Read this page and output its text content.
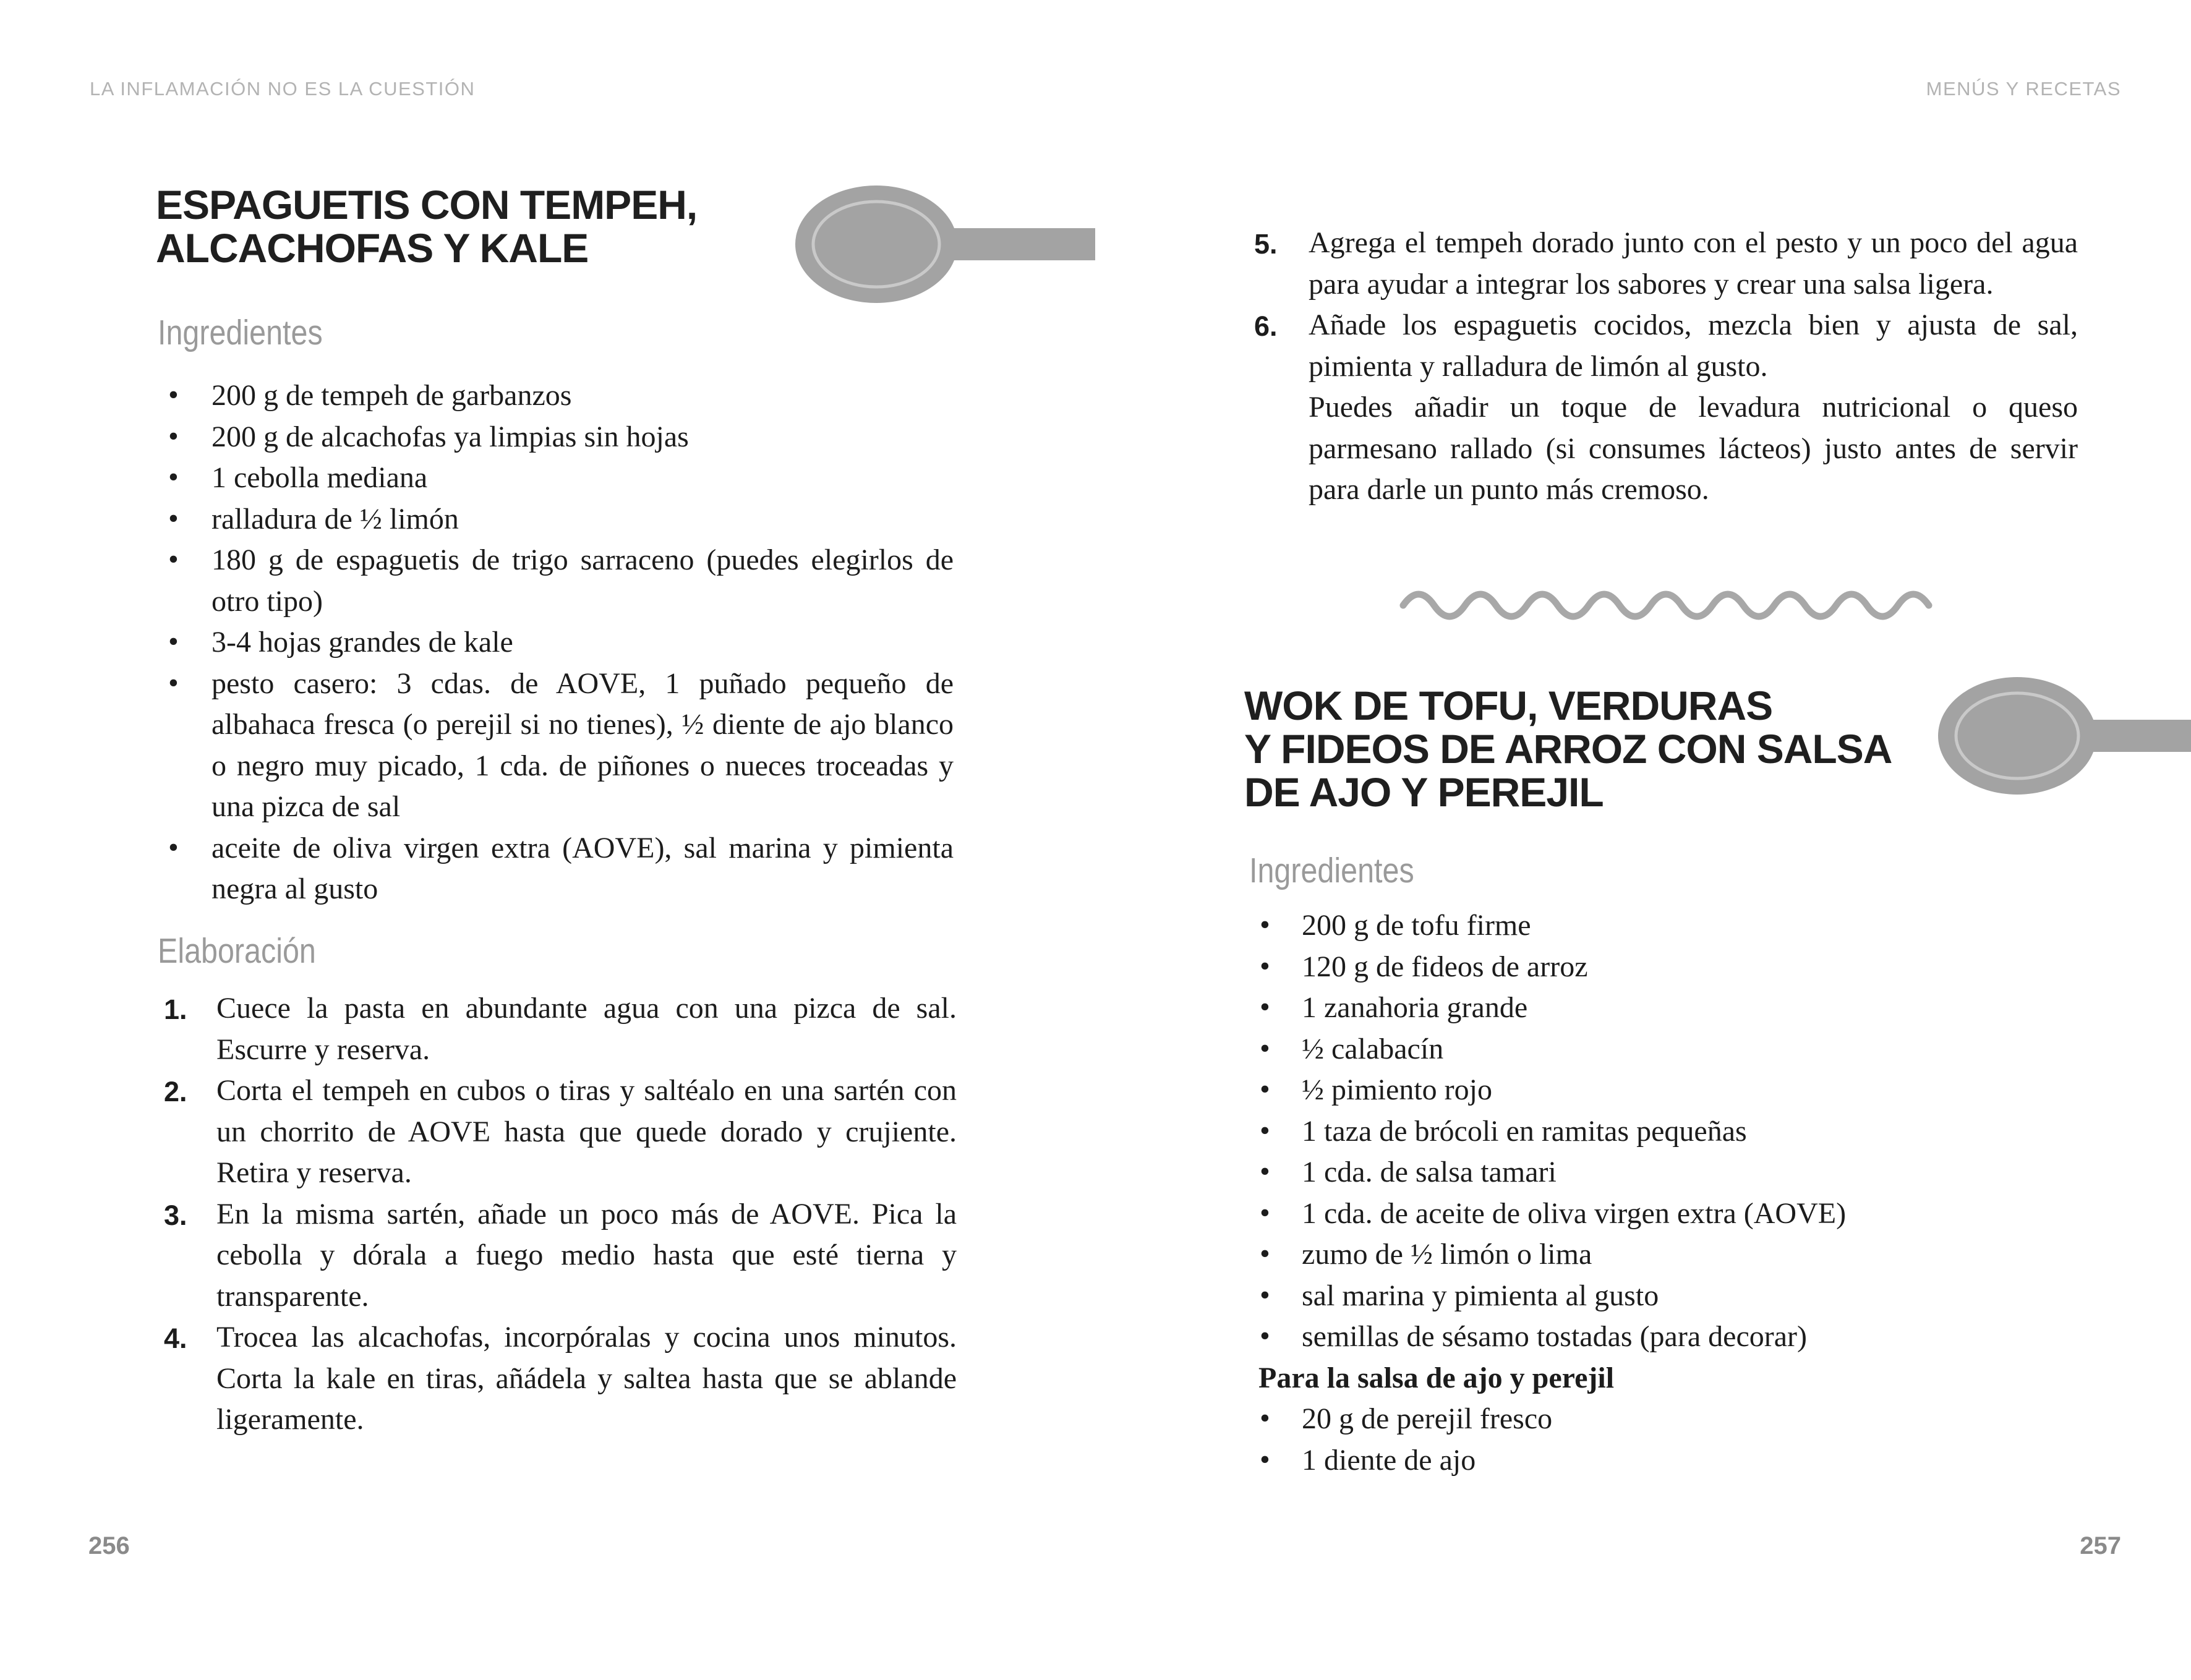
LA INFLAMACIÓN NO ES LA CUESTIÓN
ESPAGUETIS CON TEMPEH,
ALCACHOFAS Y KALE
Ingredientes
• 200 g de tempeh de garbanzos
• 200 g de alcachofas ya limpias sin hojas
• 1 cebolla mediana
• ralladura de ½ limón
• 180 g de espaguetis de trigo sarraceno (puedes elegirlos de otro tipo)
• 3-4 hojas grandes de kale
• pesto casero: 3 cdas. de AOVE, 1 puñado pequeño de albahaca fresca (o perejil si no tienes), ½ diente de ajo blanco o negro muy picado, 1 cda. de piñones o nueces troceadas y una pizca de sal
• aceite de oliva virgen extra (AOVE), sal marina y pimienta negra al gusto
Elaboración
1. Cuece la pasta en abundante agua con una pizca de sal. Escurre y reserva.
2. Corta el tempeh en cubos o tiras y saltéalo en una sartén con un chorrito de AOVE hasta que quede dorado y crujiente. Retira y reserva.
3. En la misma sartén, añade un poco más de AOVE. Pica la cebolla y dórala a fuego medio hasta que esté tierna y transparente.
4. Trocea las alcachofas, incorpóralas y cocina unos minutos. Corta la kale en tiras, añádela y saltea hasta que se ablande ligeramente.
256
MENÚS Y RECETAS
5. Agrega el tempeh dorado junto con el pesto y un poco del agua para ayudar a integrar los sabores y crear una salsa ligera.
6. Añade los espaguetis cocidos, mezcla bien y ajusta de sal, pimienta y ralladura de limón al gusto.
Puedes añadir un toque de levadura nutricional o queso parmesano rallado (si consumes lácteos) justo antes de servir para darle un punto más cremoso.
WOK DE TOFU, VERDURAS
Y FIDEOS DE ARROZ CON SALSA
DE AJO Y PEREJIL
Ingredientes
• 200 g de tofu firme
• 120 g de fideos de arroz
• 1 zanahoria grande
• ½ calabacín
• ½ pimiento rojo
• 1 taza de brócoli en ramitas pequeñas
• 1 cda. de salsa tamari
• 1 cda. de aceite de oliva virgen extra (AOVE)
• zumo de ½ limón o lima
• sal marina y pimienta al gusto
• semillas de sésamo tostadas (para decorar)
Para la salsa de ajo y perejil
• 20 g de perejil fresco
• 1 diente de ajo
257
